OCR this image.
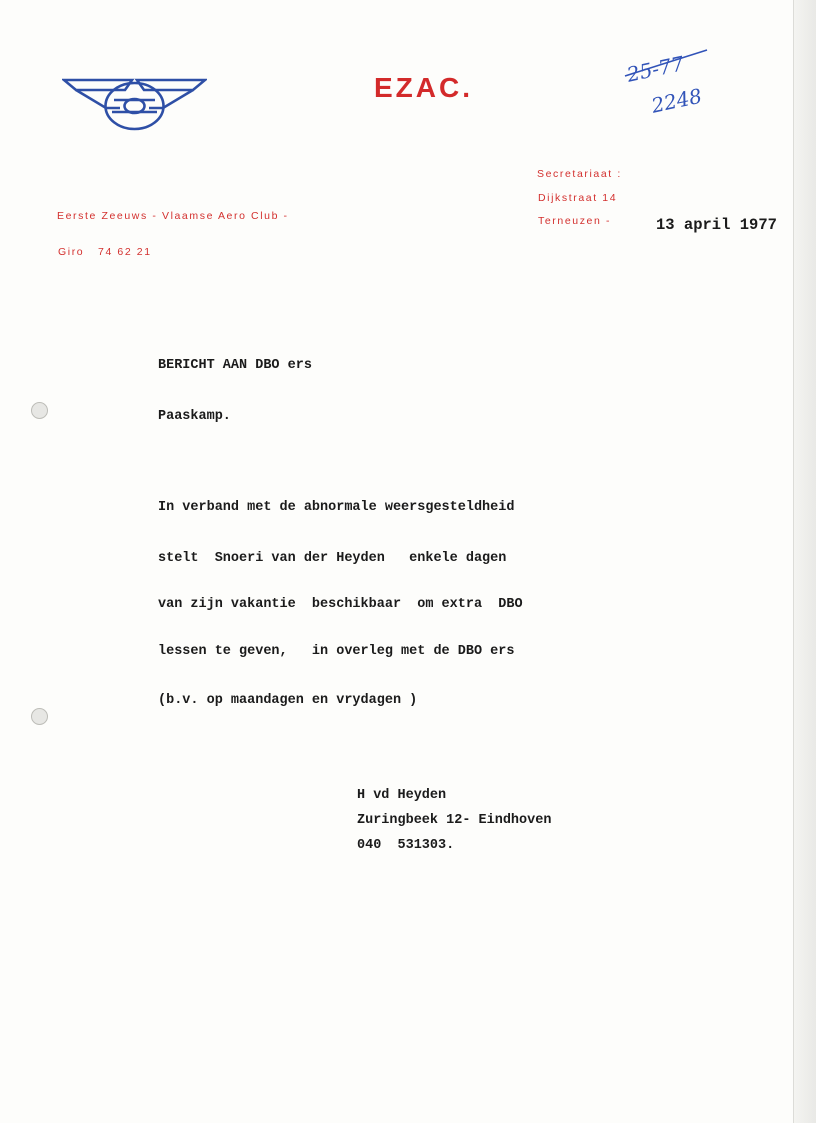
EZAC.
Eerste Zeeuws - Vlaamse Aero Club -
Giro 74 62 21
Secretariaat :
Dijkstraat 14
Terneuzen -
25-77
2248
13 april 1977
BERICHT AAN DBO ers
Paaskamp.
In verband met de abnormale weersgesteldheid
stelt  Snoeri van der Heyden   enkele dagen
van zijn vakantie  beschikbaar  om extra  DBO
lessen te geven,   in overleg met de DBO ers
(b.v. op maandagen en vrydagen )
H vd Heyden
Zuringbeek 12- Eindhoven
040  531303.
